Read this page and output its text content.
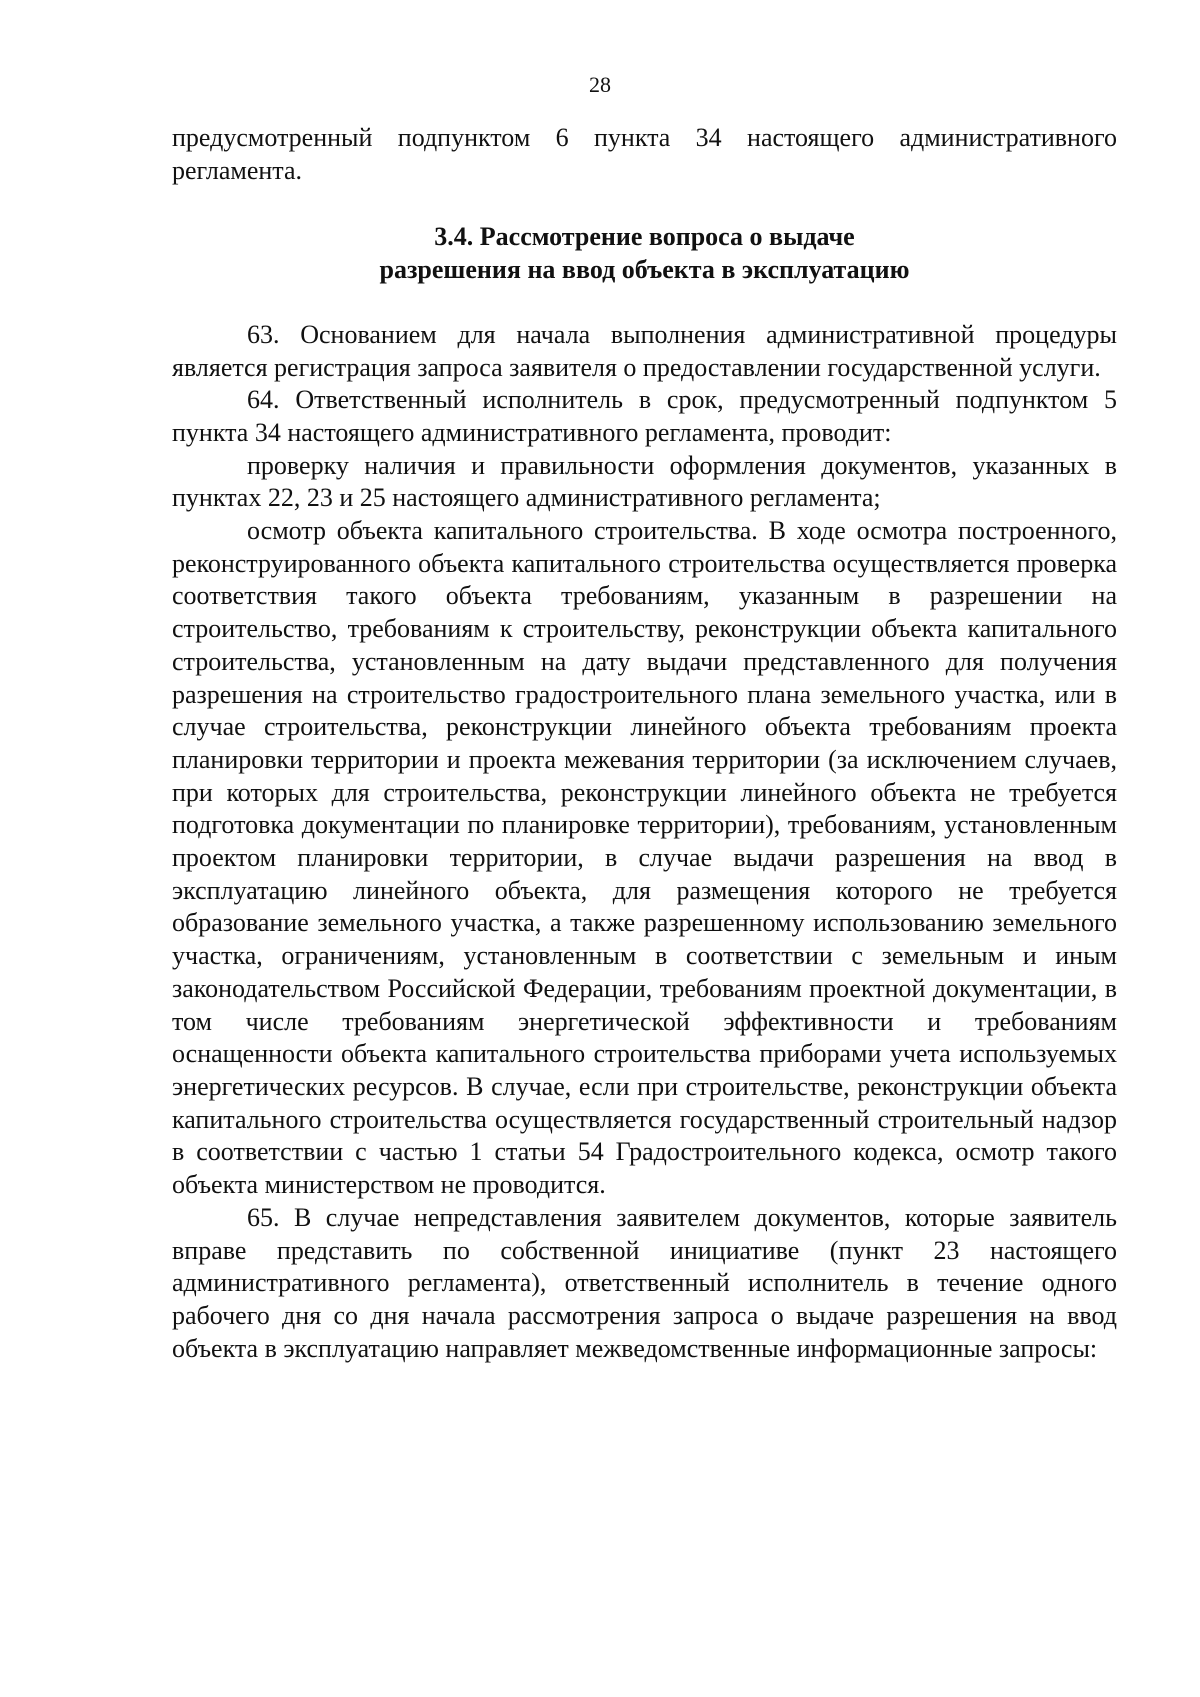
28

предусмотренный подпунктом 6 пункта 34 настоящего административного регламента.

3.4. Рассмотрение вопроса о выдаче
разрешения на ввод объекта в эксплуатацию

63. Основанием для начала выполнения административной процедуры является регистрация запроса заявителя о предоставлении государственной услуги.

64. Ответственный исполнитель в срок, предусмотренный подпунктом 5 пункта 34 настоящего административного регламента, проводит:

проверку наличия и правильности оформления документов, указанных в пунктах 22, 23 и 25 настоящего административного регламента;

осмотр объекта капитального строительства. В ходе осмотра построенного, реконструированного объекта капитального строительства осуществляется проверка соответствия такого объекта требованиям, указанным в разрешении на строительство, требованиям к строительству, реконструкции объекта капитального строительства, установленным на дату выдачи представленного для получения разрешения на строительство градостроительного плана земельного участка, или в случае строительства, реконструкции линейного объекта требованиям проекта планировки территории и проекта межевания территории (за исключением случаев, при которых для строительства, реконструкции линейного объекта не требуется подготовка документации по планировке территории), требованиям, установленным проектом планировки территории, в случае выдачи разрешения на ввод в эксплуатацию линейного объекта, для размещения которого не требуется образование земельного участка, а также разрешенному использованию земельного участка, ограничениям, установленным в соответствии с земельным и иным законодательством Российской Федерации, требованиям проектной документации, в том числе требованиям энергетической эффективности и требованиям оснащенности объекта капитального строительства приборами учета используемых энергетических ресурсов. В случае, если при строительстве, реконструкции объекта капитального строительства осуществляется государственный строительный надзор в соответствии с частью 1 статьи 54 Градостроительного кодекса, осмотр такого объекта министерством не проводится.

65. В случае непредставления заявителем документов, которые заявитель вправе представить по собственной инициативе (пункт 23 настоящего административного регламента), ответственный исполнитель в течение одного рабочего дня со дня начала рассмотрения запроса о выдаче разрешения на ввод объекта в эксплуатацию направляет межведомственные информационные запросы:
